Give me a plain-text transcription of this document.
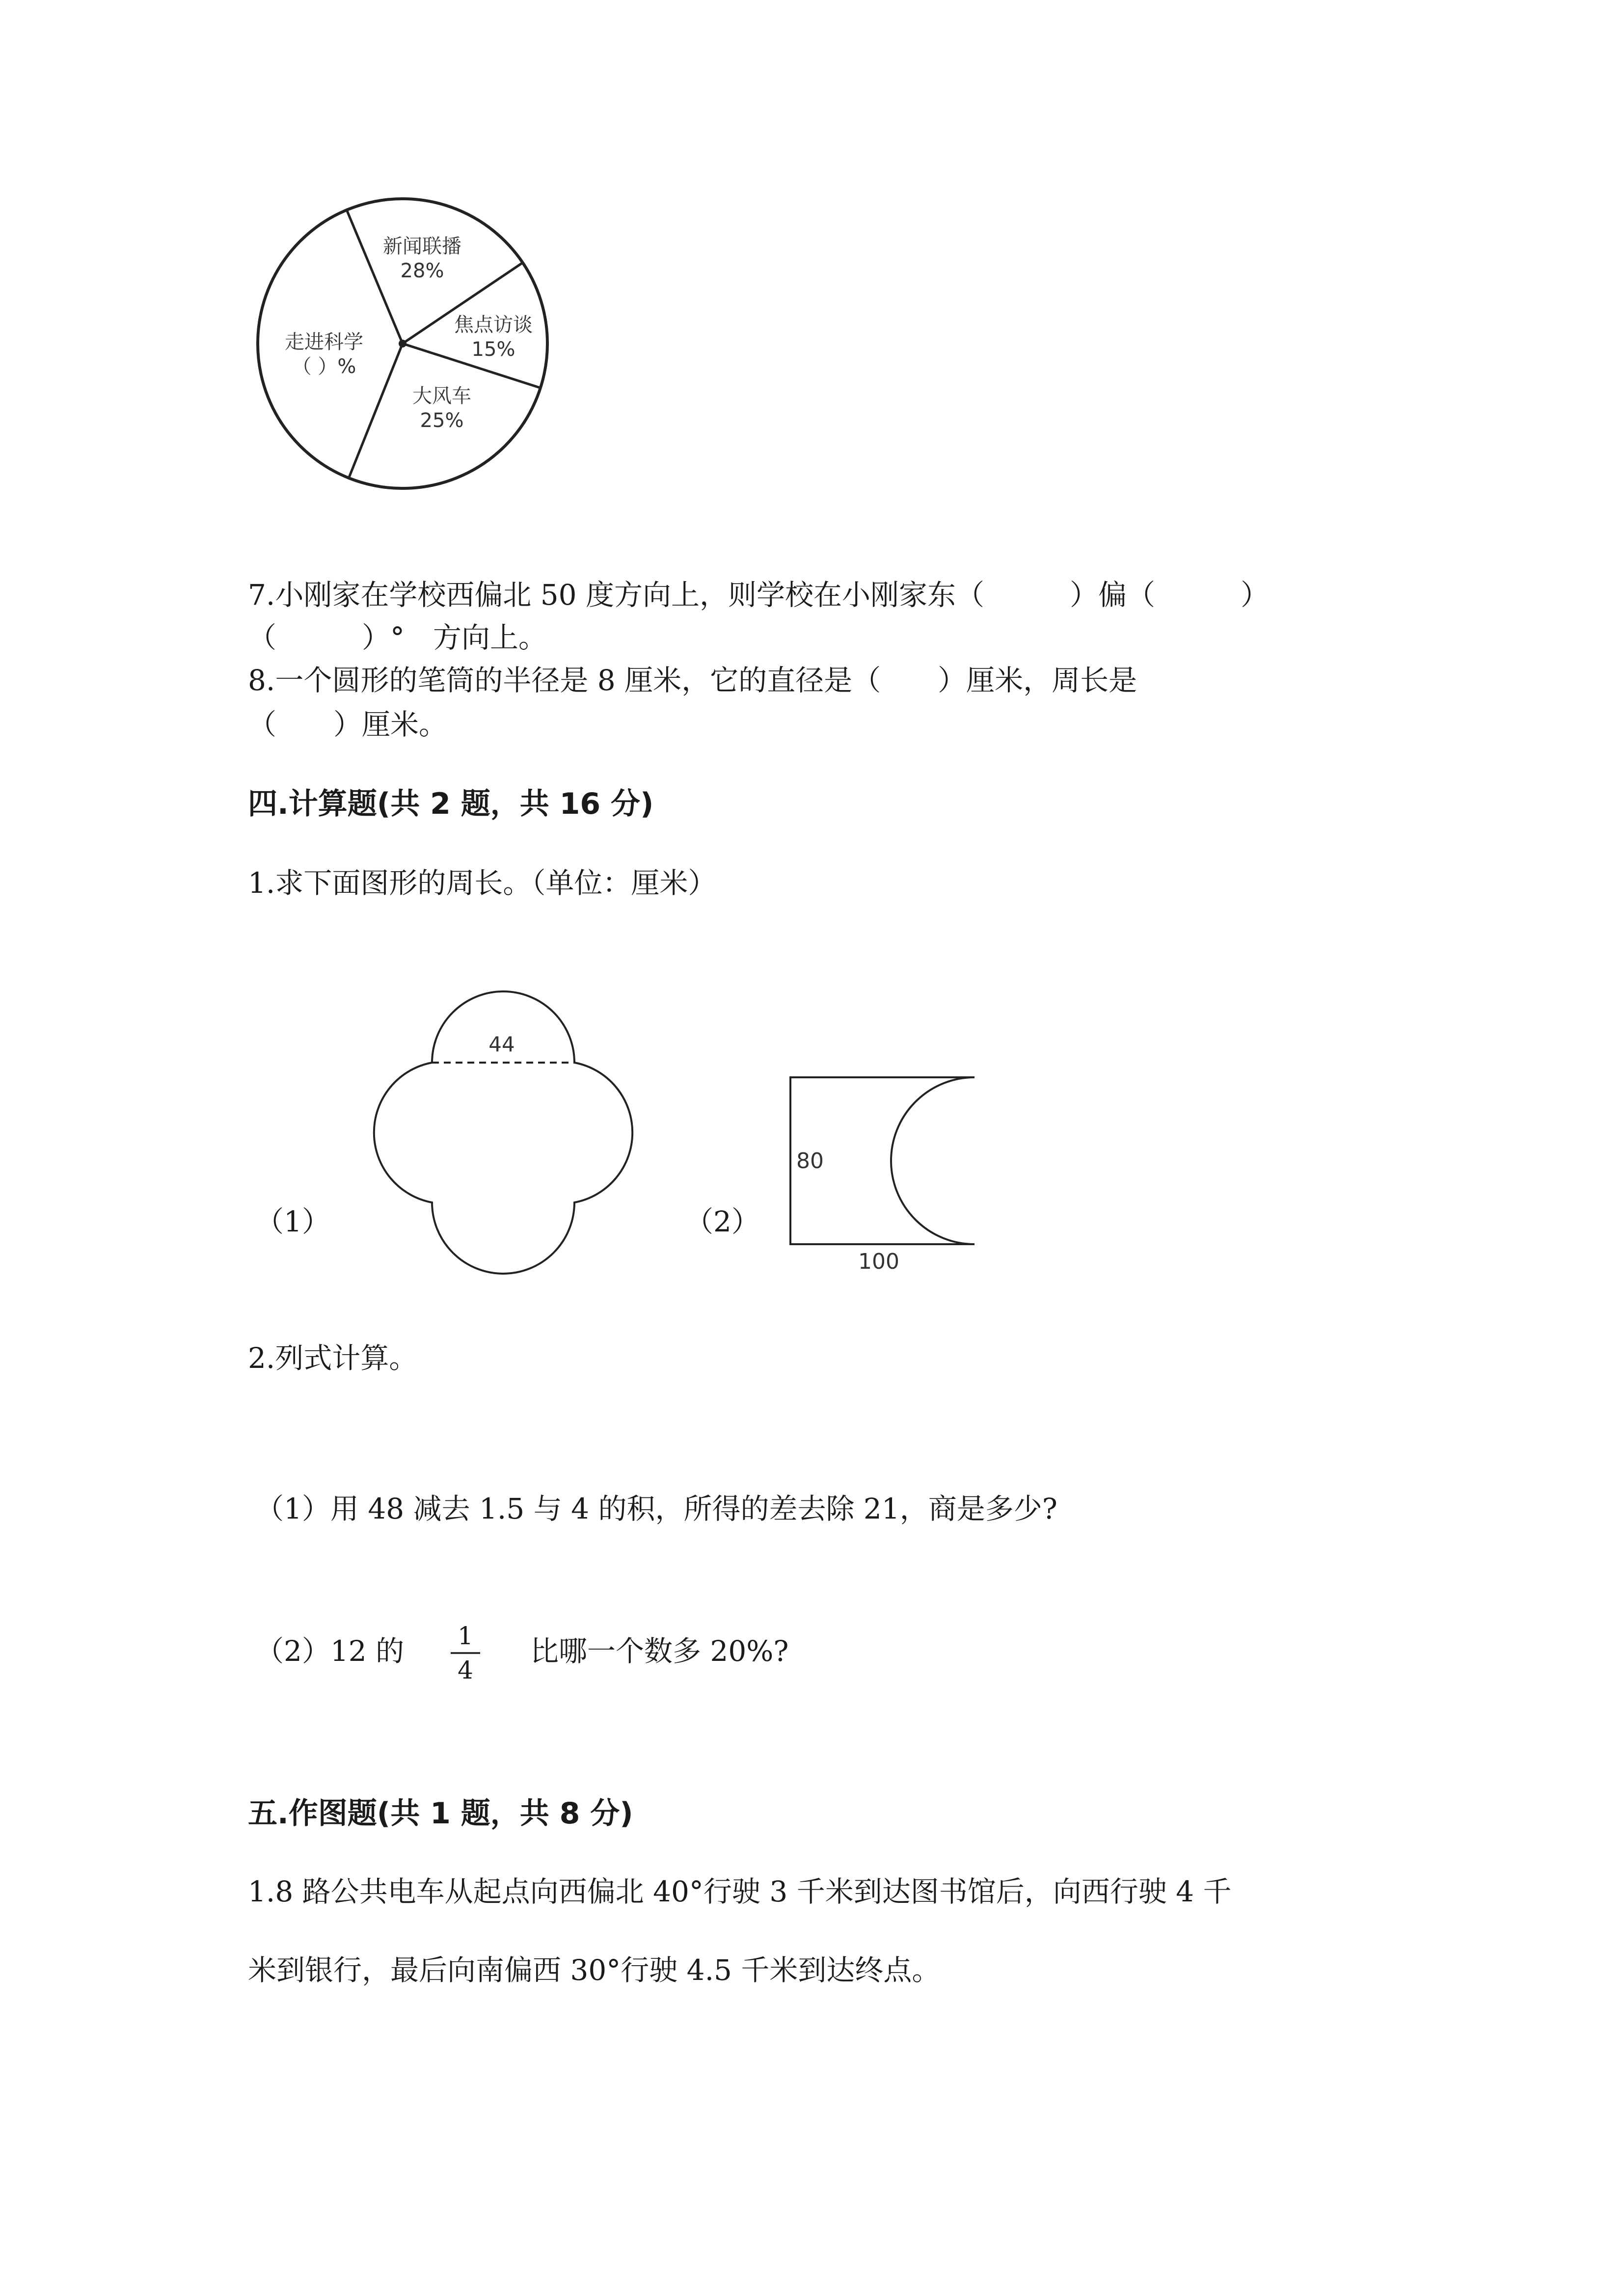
新闻联播
28%
焦点访谈
15%
大风车
25%
走进科学
（ ）%
7.小刚家在学校西偏北 50 度方向上，则学校在小刚家东（　　　）偏（　　　）
（　　　）°　方向上。
8.一个圆形的笔筒的半径是 8 厘米，它的直径是（　　）厘米，周长是
（　　）厘米。
四.计算题(共 2 题，共 16 分)
1.求下面图形的周长。（单位：厘米）
（1）
44
（2）
80
100
2.列式计算。
（1）用 48 减去 1.5 与 4 的积，所得的差去除 21，商是多少?
（2）12 的 1
4
比哪一个数多 20%?
五.作图题(共 1 题，共 8 分)
1.8 路公共电车从起点向西偏北 40°行驶 3 千米到达图书馆后，向西行驶 4 千
米到银行，最后向南偏西 30°行驶 4.5 千米到达终点。
